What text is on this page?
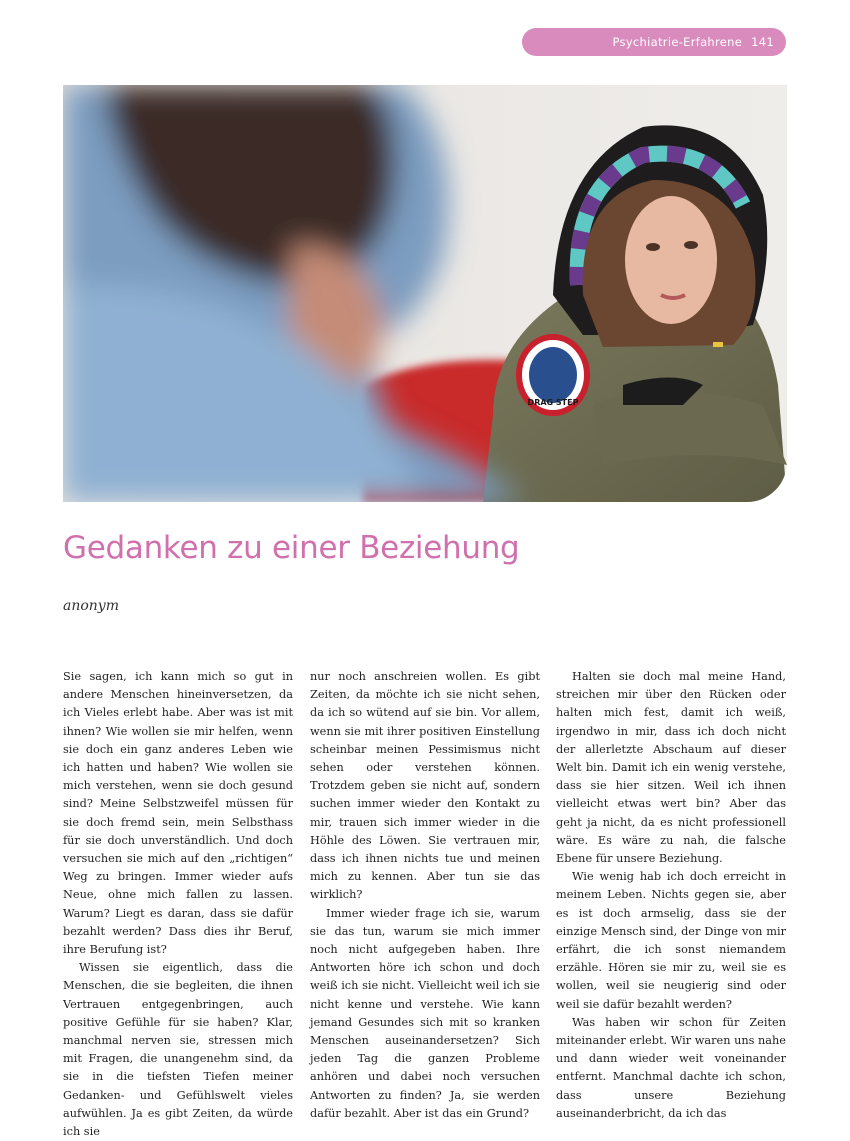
Psychiatrie-Erfahrene 141
DRAG STEP
Gedanken zu einer Beziehung
anonym

Sie sagen, ich kann mich so gut in andere Menschen hineinversetzen, da ich Vieles erlebt habe. Aber was ist mit ihnen? Wie wollen sie mir helfen, wenn sie doch ein ganz anderes Leben wie ich hatten und haben? Wie wollen sie mich verstehen, wenn sie doch gesund sind? Meine Selbstzweifel müssen für sie doch fremd sein, mein Selbsthass für sie doch unverständlich. Und doch versuchen sie mich auf den „richtigen“ Weg zu bringen. Immer wieder aufs Neue, ohne mich fallen zu lassen. Warum? Liegt es daran, dass sie dafür bezahlt werden? Dass dies ihr Beruf, ihre Berufung ist?

Wissen sie eigentlich, dass die Menschen, die sie begleiten, die ihnen Vertrauen entgegenbringen, auch positive Gefühle für sie haben? Klar, manchmal nerven sie, stressen mich mit Fragen, die unangenehm sind, da sie in die tiefsten Tiefen meiner Gedanken- und Gefühlswelt vieles aufwühlen. Ja es gibt Zeiten, da würde ich sie

nur noch anschreien wollen. Es gibt Zeiten, da möchte ich sie nicht sehen, da ich so wütend auf sie bin. Vor allem, wenn sie mit ihrer positiven Einstellung scheinbar meinen Pessimismus nicht sehen oder verstehen können. Trotzdem geben sie nicht auf, sondern suchen immer wieder den Kontakt zu mir, trauen sich immer wieder in die Höhle des Löwen. Sie vertrauen mir, dass ich ihnen nichts tue und meinen mich zu kennen. Aber tun sie das wirklich?

Immer wieder frage ich sie, warum sie das tun, warum sie mich immer noch nicht aufgegeben haben. Ihre Antworten höre ich schon und doch weiß ich sie nicht. Vielleicht weil ich sie nicht kenne und verstehe. Wie kann jemand Gesundes sich mit so kranken Menschen auseinandersetzen? Sich jeden Tag die ganzen Probleme anhören und dabei noch versuchen Antworten zu finden? Ja, sie werden dafür bezahlt. Aber ist das ein Grund?

Halten sie doch mal meine Hand, streichen mir über den Rücken oder halten mich fest, damit ich weiß, irgendwo in mir, dass ich doch nicht der allerletzte Abschaum auf dieser Welt bin. Damit ich ein wenig verstehe, dass sie hier sitzen. Weil ich ihnen vielleicht etwas wert bin? Aber das geht ja nicht, da es nicht professionell wäre. Es wäre zu nah, die falsche Ebene für unsere Beziehung.

Wie wenig hab ich doch erreicht in meinem Leben. Nichts gegen sie, aber es ist doch armselig, dass sie der einzige Mensch sind, der Dinge von mir erfährt, die ich sonst niemandem erzähle. Hören sie mir zu, weil sie es wollen, weil sie neugierig sind oder weil sie dafür bezahlt werden?

Was haben wir schon für Zeiten miteinander erlebt. Wir waren uns nahe und dann wieder weit voneinander entfernt. Manchmal dachte ich schon, dass unsere Beziehung auseinanderbricht, da ich das
